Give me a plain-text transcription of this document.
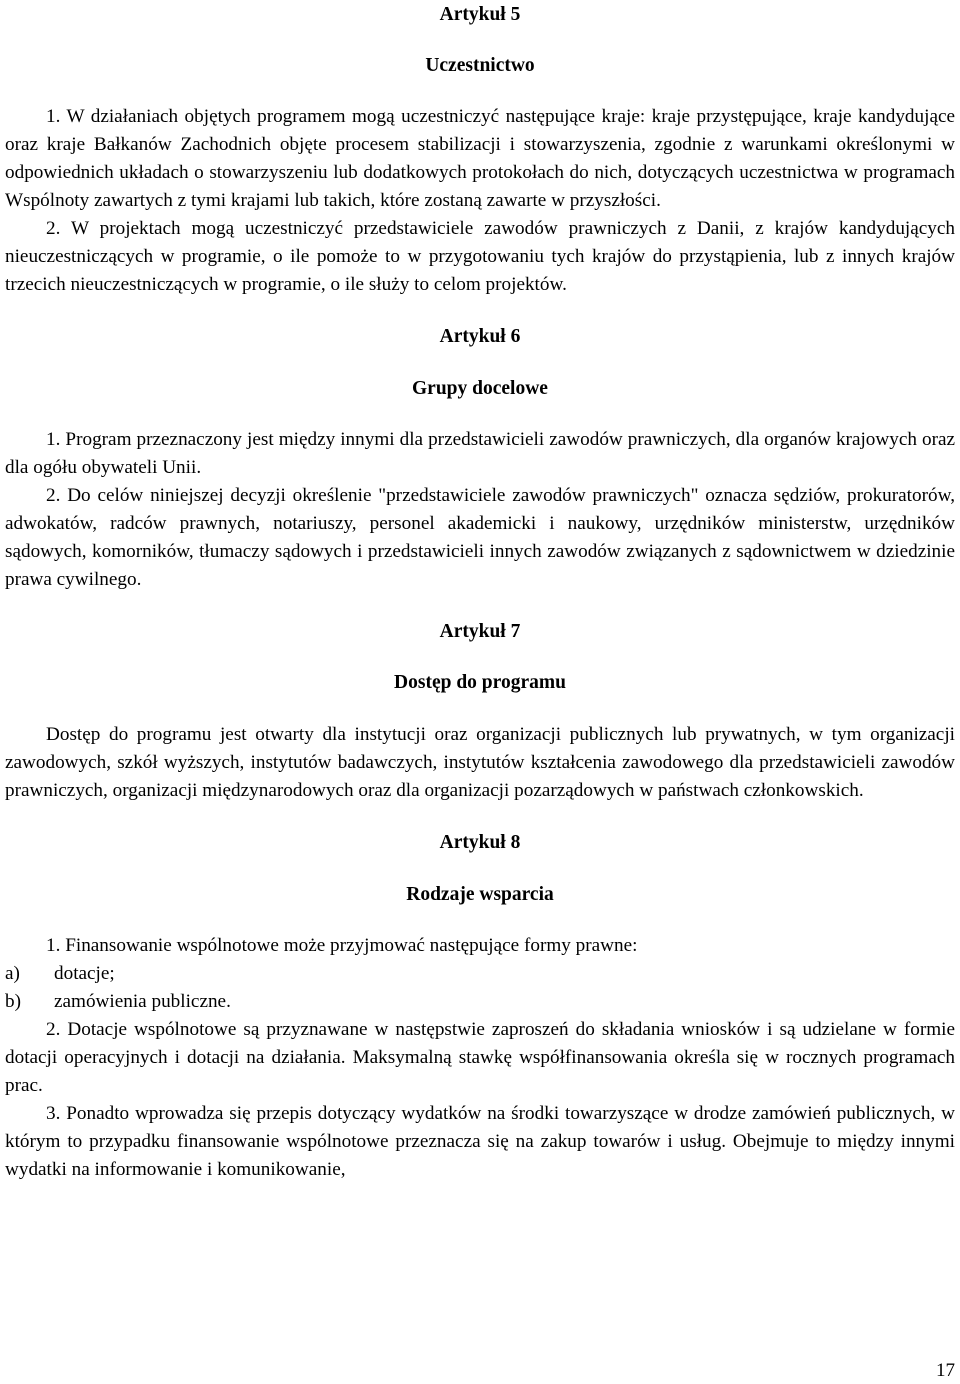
Artykuł 5
Uczestnictwo

1. W działaniach objętych programem mogą uczestniczyć następujące kraje: kraje przystępujące, kraje kandydujące oraz kraje Bałkanów Zachodnich objęte procesem stabilizacji i stowarzyszenia, zgodnie z warunkami określonymi w odpowiednich układach o stowarzyszeniu lub dodatkowych protokołach do nich, dotyczących uczestnictwa w programach Wspólnoty zawartych z tymi krajami lub takich, które zostaną zawarte w przyszłości.

2. W projektach mogą uczestniczyć przedstawiciele zawodów prawniczych z Danii, z krajów kandydujących nieuczestniczących w programie, o ile pomoże to w przygotowaniu tych krajów do przystąpienia, lub z innych krajów trzecich nieuczestniczących w programie, o ile służy to celom projektów.

Artykuł 6
Grupy docelowe

1. Program przeznaczony jest między innymi dla przedstawicieli zawodów prawniczych, dla organów krajowych oraz dla ogółu obywateli Unii.

2. Do celów niniejszej decyzji określenie "przedstawiciele zawodów prawniczych" oznacza sędziów, prokuratorów, adwokatów, radców prawnych, notariuszy, personel akademicki i naukowy, urzędników ministerstw, urzędników sądowych, komorników, tłumaczy sądowych i przedstawicieli innych zawodów związanych z sądownictwem w dziedzinie prawa cywilnego.

Artykuł 7
Dostęp do programu

Dostęp do programu jest otwarty dla instytucji oraz organizacji publicznych lub prywatnych, w tym organizacji zawodowych, szkół wyższych, instytutów badawczych, instytutów kształcenia zawodowego dla przedstawicieli zawodów prawniczych, organizacji międzynarodowych oraz dla organizacji pozarządowych w państwach członkowskich.

Artykuł 8
Rodzaje wsparcia

1. Finansowanie wspólnotowe może przyjmować następujące formy prawne:

a)	dotacje;
b)	zamówienia publiczne.

2. Dotacje wspólnotowe są przyznawane w następstwie zaproszeń do składania wniosków i są udzielane w formie dotacji operacyjnych i dotacji na działania. Maksymalną stawkę współfinansowania określa się w rocznych programach prac.

3. Ponadto wprowadza się przepis dotyczący wydatków na środki towarzyszące w drodze zamówień publicznych, w którym to przypadku finansowanie wspólnotowe przeznacza się na zakup towarów i usług. Obejmuje to między innymi wydatki na informowanie i komunikowanie,

17
